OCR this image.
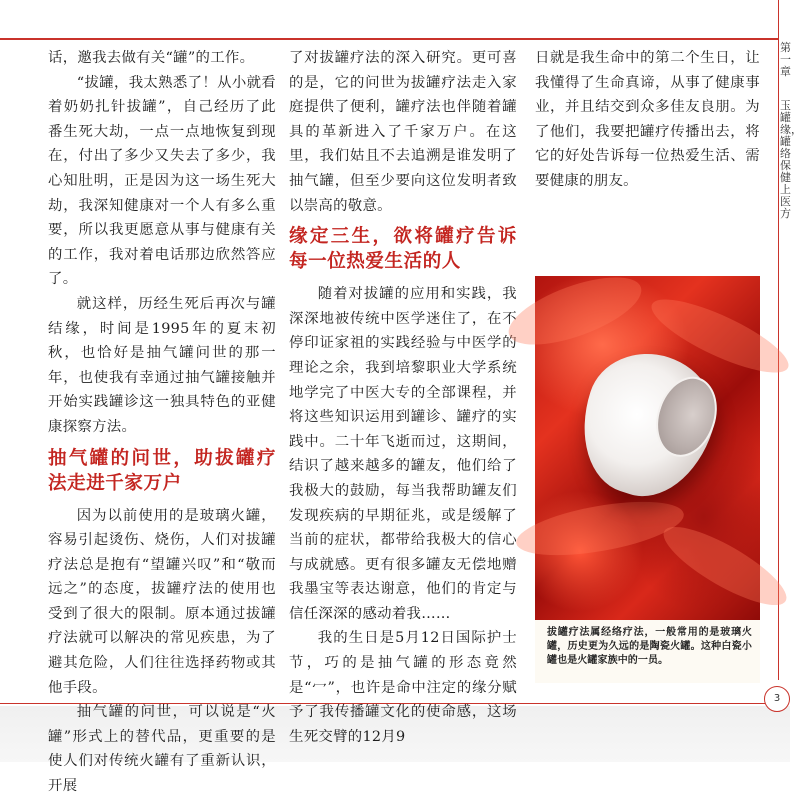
第一章
玉罐缘，罐络保健上医方

话，邀我去做有关“罐”的工作。

“拔罐，我太熟悉了！从小就看着奶奶扎针拔罐”，自己经历了此番生死大劫，一点一点地恢复到现在，付出了多少又失去了多少，我心知肚明，正是因为这一场生死大劫，我深知健康对一个人有多么重要，所以我更愿意从事与健康有关的工作，我对着电话那边欣然答应了。

就这样，历经生死后再次与罐结缘，时间是1995年的夏末初秋，也恰好是抽气罐问世的那一年，也使我有幸通过抽气罐接触并开始实践罐诊这一独具特色的亚健康探察方法。

抽气罐的问世，助拔罐疗法走进千家万户

因为以前使用的是玻璃火罐，容易引起烫伤、烧伤，人们对拔罐疗法总是抱有“望罐兴叹”和“敬而远之”的态度，拔罐疗法的使用也受到了很大的限制。原本通过拔罐疗法就可以解决的常见疾患，为了避其危险，人们往往选择药物或其他手段。

抽气罐的问世，可以说是“火罐”形式上的替代品，更重要的是使人们对传统火罐有了重新认识，开展

了对拔罐疗法的深入研究。更可喜的是，它的问世为拔罐疗法走入家庭提供了便利，罐疗法也伴随着罐具的革新进入了千家万户。在这里，我们姑且不去追溯是谁发明了抽气罐，但至少要向这位发明者致以崇高的敬意。

缘定三生，欲将罐疗告诉每一位热爱生活的人

随着对拔罐的应用和实践，我深深地被传统中医学迷住了，在不停印证家祖的实践经验与中医学的理论之余，我到培黎职业大学系统地学完了中医大专的全部课程，并将这些知识运用到罐诊、罐疗的实践中。二十年飞逝而过，这期间，结识了越来越多的罐友，他们给了我极大的鼓励，每当我帮助罐友们发现疾病的早期征兆，或是缓解了当前的症状，都带给我极大的信心与成就感。更有很多罐友无偿地赠我墨宝等表达谢意，他们的肯定与信任深深的感动着我……

我的生日是5月12日国际护士节，巧的是抽气罐的形态竟然是“冖”，也许是命中注定的缘分赋予了我传播罐文化的使命感，这场生死交臂的12月9

日就是我生命中的第二个生日，让我懂得了生命真谛，从事了健康事业，并且结交到众多佳友良朋。为了他们，我要把罐疗传播出去，将它的好处告诉每一位热爱生活、需要健康的朋友。

拔罐疗法属经络疗法，一般常用的是玻璃火罐，历史更为久远的是陶瓷火罐。这种白瓷小罐也是火罐家族中的一员。
3
